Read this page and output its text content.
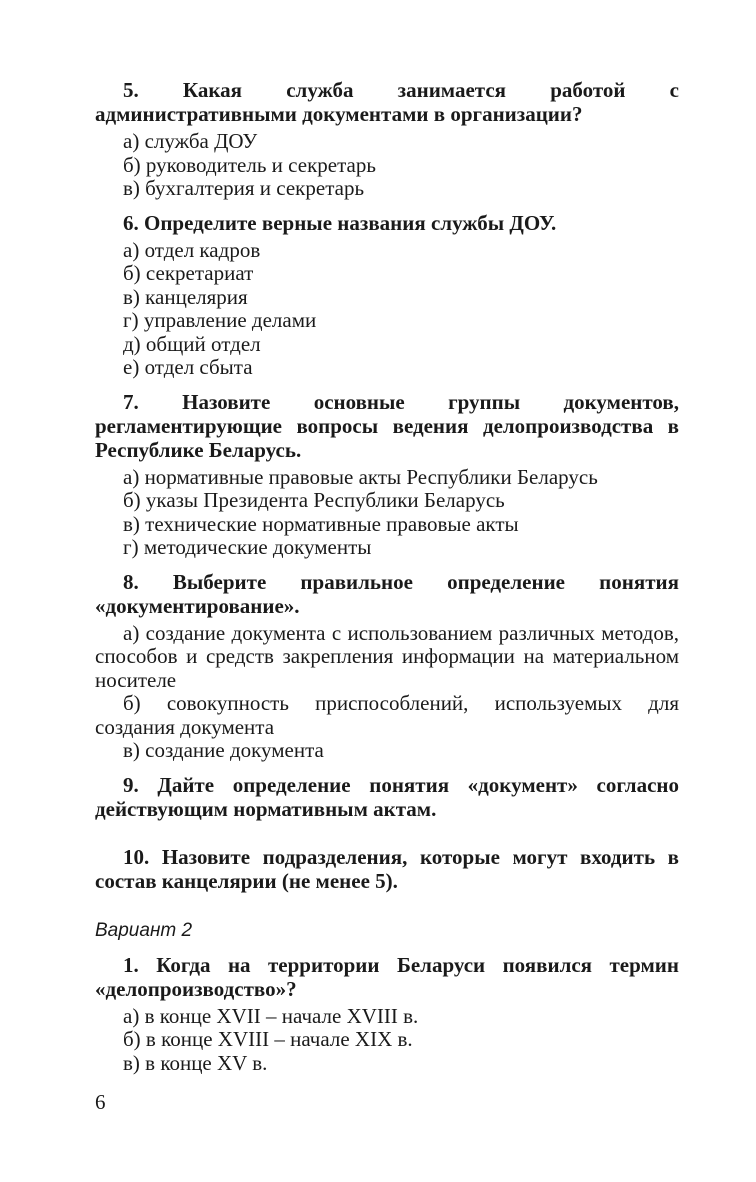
5. Какая служба занимается работой с административными документами в организации?
а) служба ДОУ
б) руководитель и секретарь
в) бухгалтерия и секретарь
6. Определите верные названия службы ДОУ.
а) отдел кадров
б) секретариат
в) канцелярия
г) управление делами
д) общий отдел
е) отдел сбыта
7. Назовите основные группы документов, регламентирующие вопросы ведения делопроизводства в Республике Беларусь.
а) нормативные правовые акты Республики Беларусь
б) указы Президента Республики Беларусь
в) технические нормативные правовые акты
г) методические документы
8. Выберите правильное определение понятия «документирование».
а) создание документа с использованием различных методов, способов и средств закрепления информации на материальном носителе
б) совокупность приспособлений, используемых для создания документа
в) создание документа
9. Дайте определение понятия «документ» согласно действующим нормативным актам.
10. Назовите подразделения, которые могут входить в состав канцелярии (не менее 5).
Вариант 2
1. Когда на территории Беларуси появился термин «делопроизводство»?
а) в конце XVII – начале XVIII в.
б) в конце XVIII – начале XIX в.
в) в конце XV в.
6
